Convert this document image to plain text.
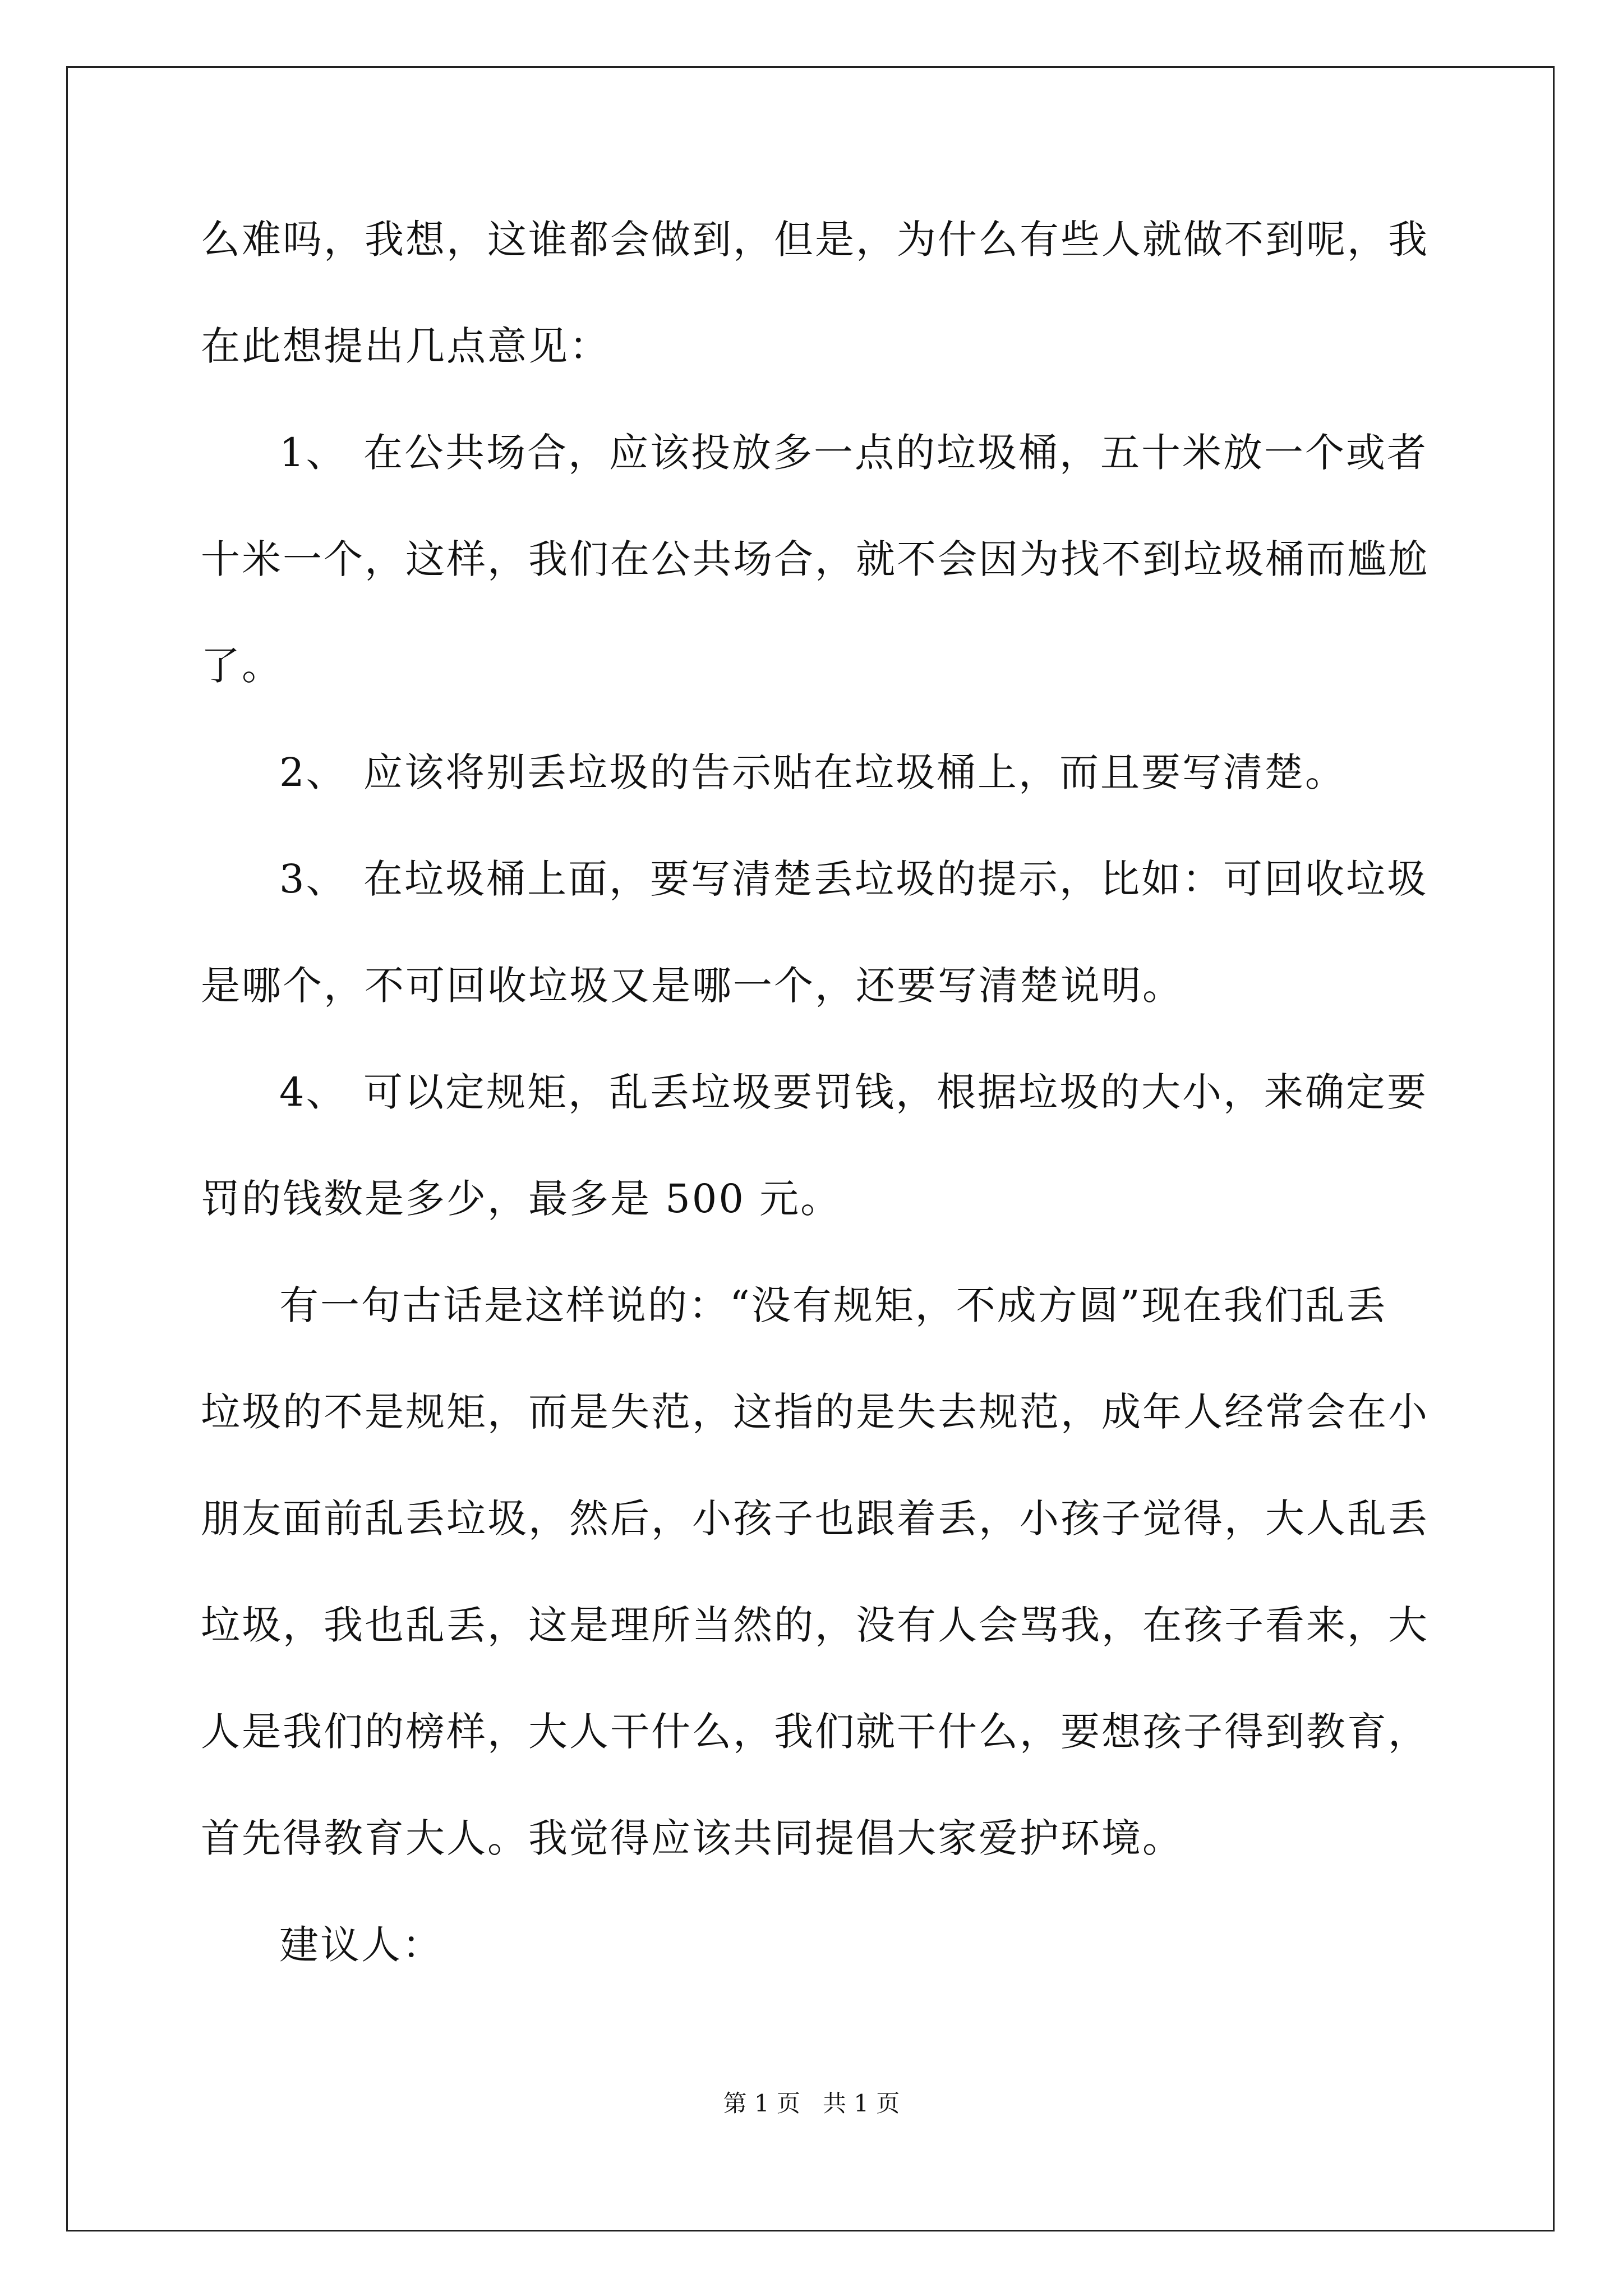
么难吗，我想，这谁都会做到，但是，为什么有些人就做不到呢，我
在此想提出几点意见：
1、 在公共场合，应该投放多一点的垃圾桶，五十米放一个或者
十米一个，这样，我们在公共场合，就不会因为找不到垃圾桶而尴尬
了。
2、 应该将别丢垃圾的告示贴在垃圾桶上，而且要写清楚。
3、 在垃圾桶上面，要写清楚丢垃圾的提示，比如：可回收垃圾
是哪个，不可回收垃圾又是哪一个，还要写清楚说明。
4、 可以定规矩，乱丢垃圾要罚钱，根据垃圾的大小，来确定要
罚的钱数是多少，最多是 500 元。
有一句古话是这样说的：“没有规矩，不成方圆”现在我们乱丢
垃圾的不是规矩，而是失范，这指的是失去规范，成年人经常会在小
朋友面前乱丢垃圾，然后，小孩子也跟着丢，小孩子觉得，大人乱丢
垃圾，我也乱丢，这是理所当然的，没有人会骂我，在孩子看来，大
人是我们的榜样，大人干什么，我们就干什么，要想孩子得到教育，
首先得教育大人。我觉得应该共同提倡大家爱护环境。
建议人：
第 1 页 共 1 页
